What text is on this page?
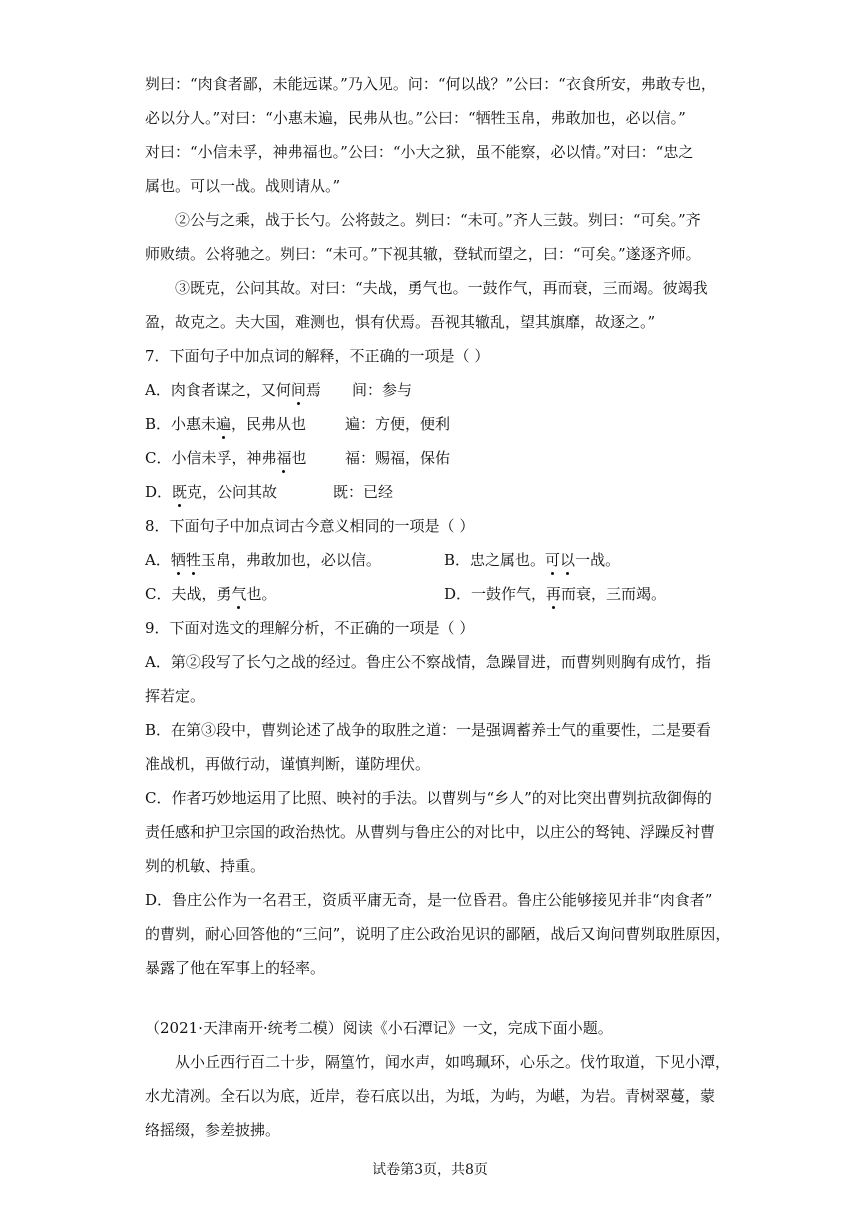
刿曰：“肉食者鄙，未能远谋。”乃入见。问：“何以战？”公曰：“衣食所安，弗敢专也，
必以分人。”对曰：“小惠未遍，民弗从也。”公曰：“牺牲玉帛，弗敢加也，必以信。”
对曰：“小信未孚，神弗福也。”公曰：“小大之狱，虽不能察，必以情。”对曰：“忠之
属也。可以一战。战则请从。”
②公与之乘，战于长勺。公将鼓之。刿曰：“未可。”齐人三鼓。刿曰：“可矣。”齐
师败绩。公将驰之。刿曰：“未可。”下视其辙，登轼而望之，曰：“可矣。”遂逐齐师。
③既克，公问其故。对曰：“夫战，勇气也。一鼓作气，再而衰，三而竭。彼竭我
盈，故克之。夫大国，难测也，惧有伏焉。吾视其辙乱，望其旗靡，故逐之。”
7．下面句子中加点词的解释，不正确的一项是（ ）
A．肉食者谋之，又何间焉 间：参与
B．小惠未遍，民弗从也	遍：方便，便利
C．小信未孚，神弗福也	福：赐福，保佑
D．既克，公问其故	既：已经
8．下面句子中加点词古今意义相同的一项是（ ）
A．牺牲玉帛，弗敢加也，必以信。	B．忠之属也。可以一战。
C．夫战，勇气也。	D．一鼓作气，再而衰，三而竭。
9．下面对选文的理解分析，不正确的一项是（ ）
A．第②段写了长勺之战的经过。鲁庄公不察战情，急躁冒进，而曹刿则胸有成竹，指
挥若定。
B．在第③段中，曹刿论述了战争的取胜之道：一是强调蓄养士气的重要性，二是要看
准战机，再做行动，谨慎判断，谨防埋伏。
C．作者巧妙地运用了比照、映衬的手法。以曹刿与“乡人”的对比突出曹刿抗敌御侮的
责任感和护卫宗国的政治热忱。从曹刿与鲁庄公的对比中，以庄公的驽钝、浮躁反衬曹
刿的机敏、持重。
D．鲁庄公作为一名君王，资质平庸无奇，是一位昏君。鲁庄公能够接见并非“肉食者”
的曹刿，耐心回答他的“三问”，说明了庄公政治见识的鄙陋，战后又询问曹刿取胜原因，
暴露了他在军事上的轻率。
（2021·天津南开·统考二模）阅读《小石潭记》一文，完成下面小题。
从小丘西行百二十步，隔篁竹，闻水声，如鸣珮环，心乐之。伐竹取道，下见小潭，
水尤清冽。全石以为底，近岸，卷石底以出，为坻，为屿，为嵁，为岩。青树翠蔓，蒙
络摇缀，参差披拂。
试卷第3页，共8页
